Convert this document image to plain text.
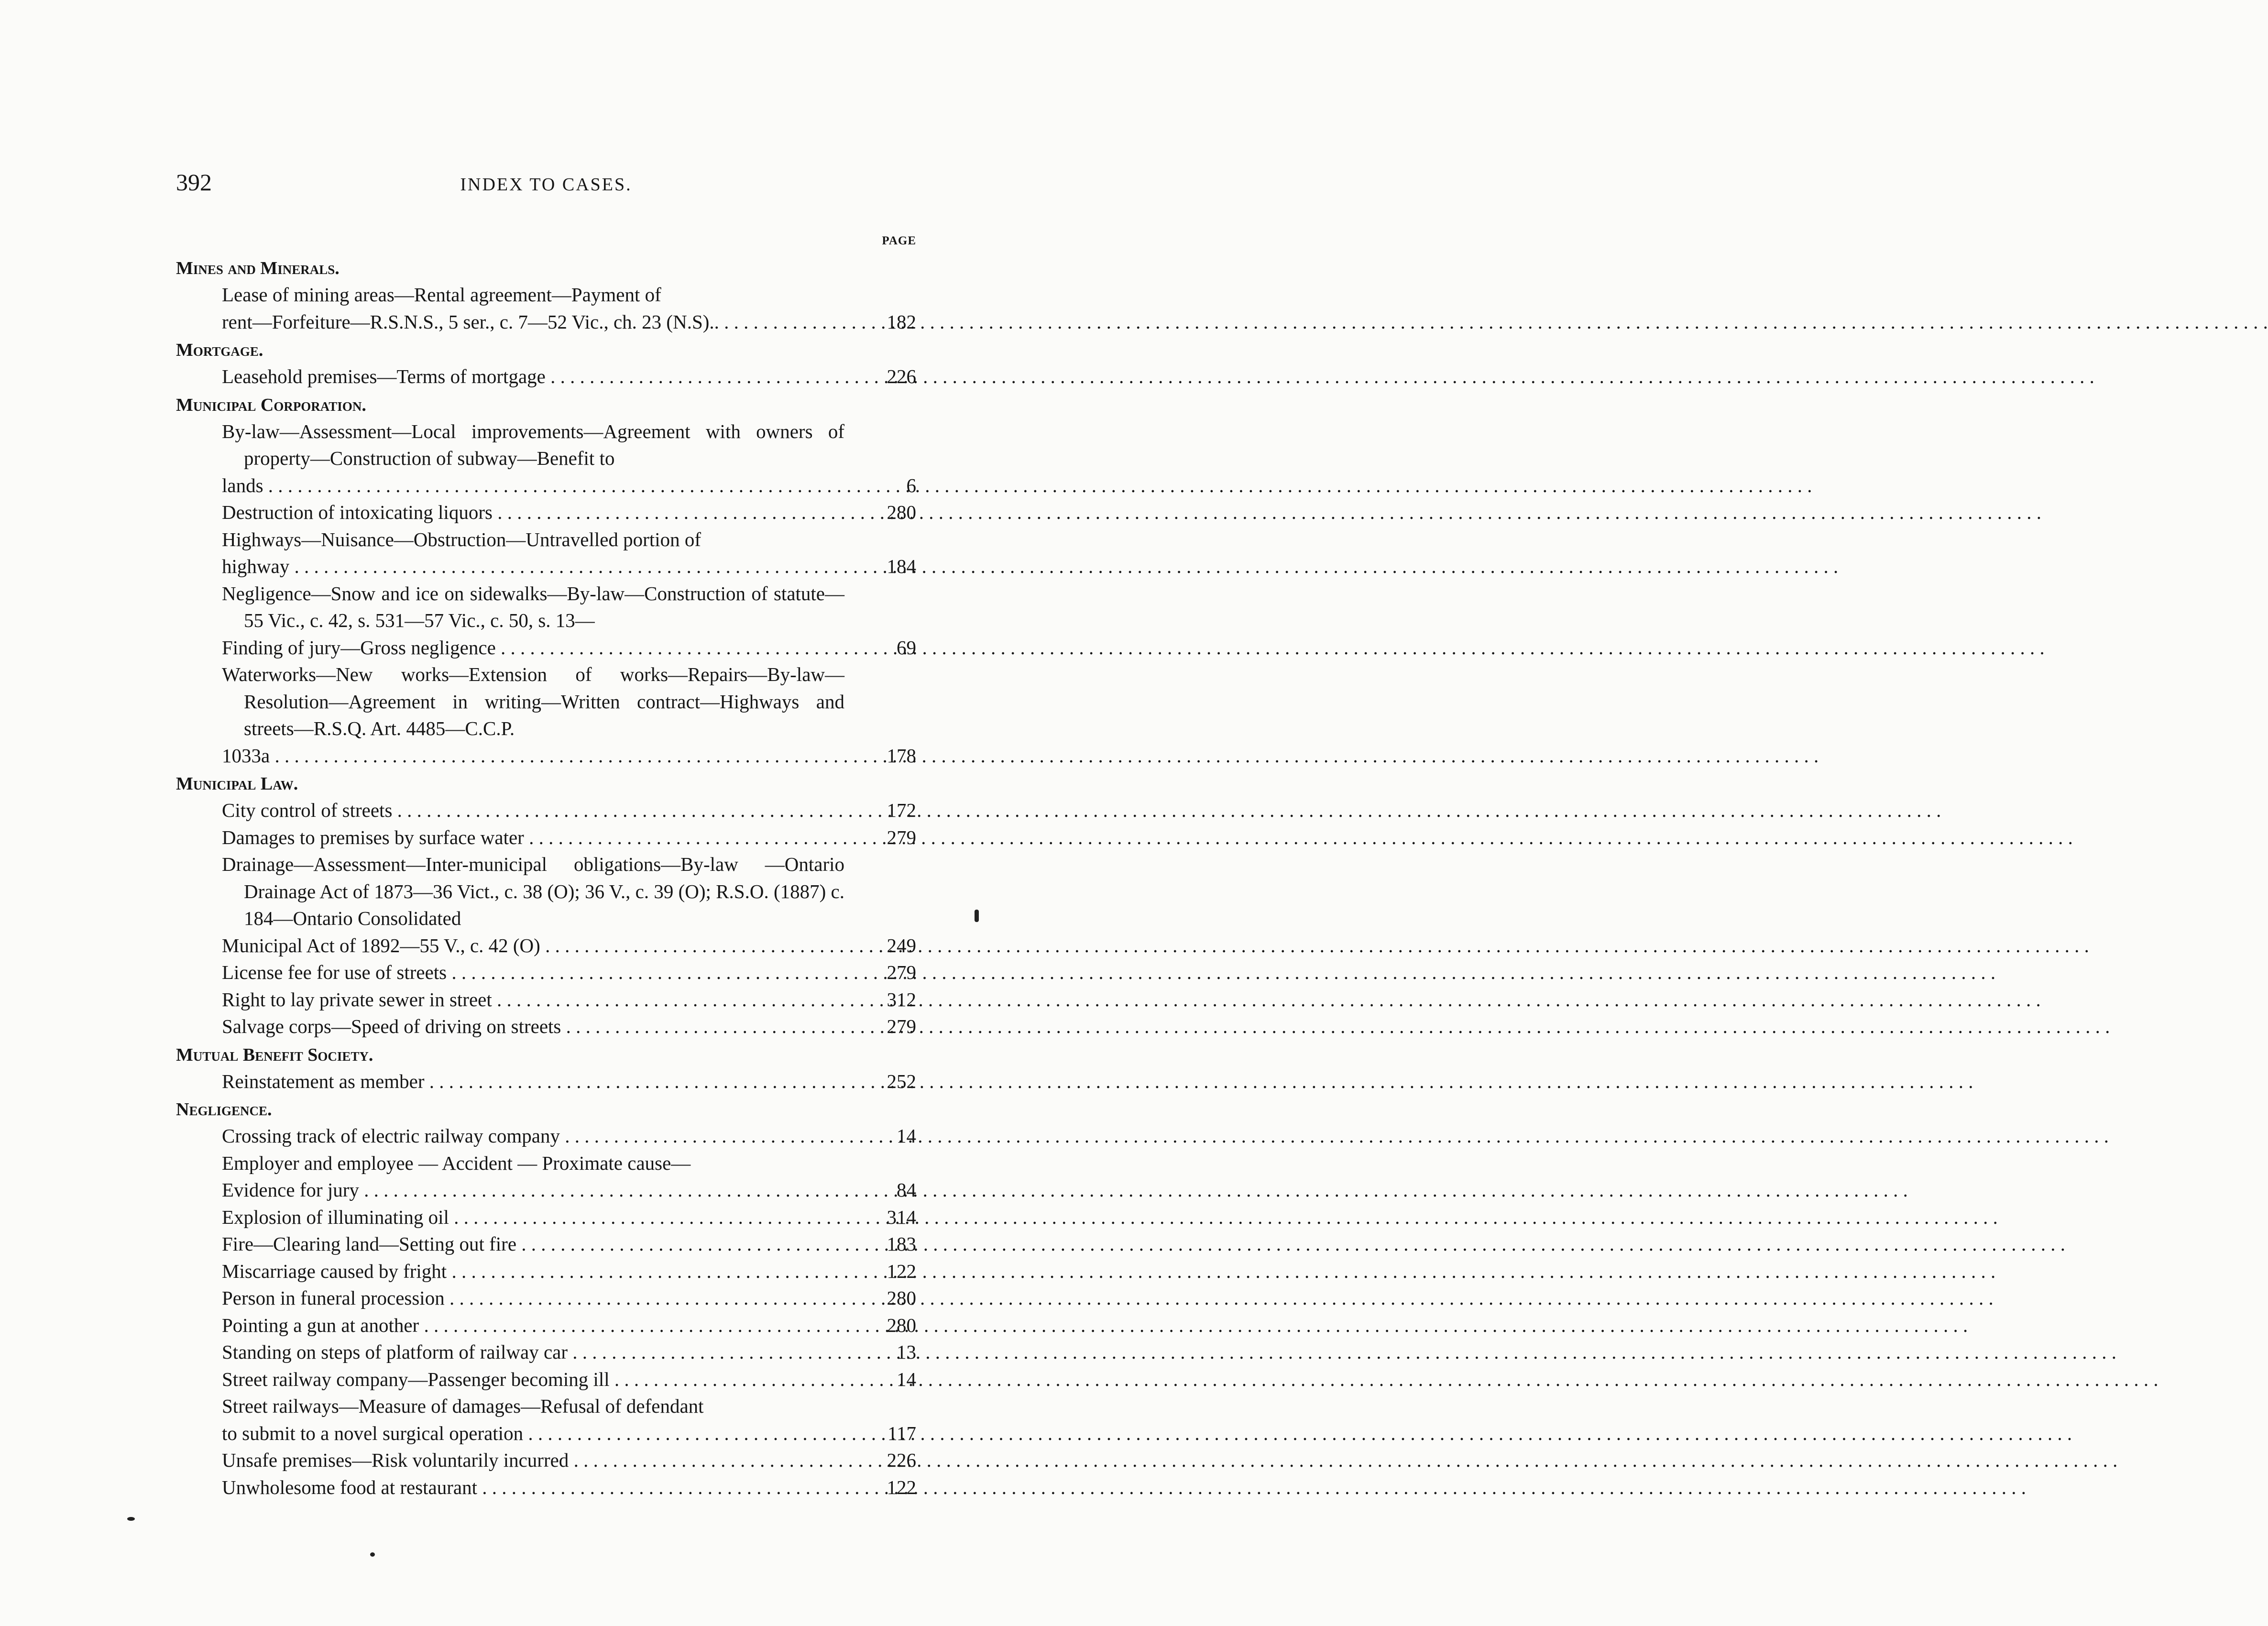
392	INDEX TO CASES.
PAGE
Mines and Minerals.
Lease of mining areas—Rental agreement—Payment of
rent—Forfeiture—R.S.N.S., 5 ser., c. 7—52 Vic., ch. 23 (N.S).. . . .	182
Mortgage.
Leasehold premises—Terms of mortgage . . .	226
Municipal Corporation.
By-law—Assessment—Local improvements—Agreement with owners of property—Construction of subway—Benefit to
lands . . .	6
Destruction of intoxicating liquors . . .	280
Highways—Nuisance—Obstruction—Untravelled portion of
highway . . .	184
Negligence—Snow and ice on sidewalks—By-law—Construction of statute—55 Vic., c. 42, s. 531—57 Vic., c. 50, s. 13—
Finding of jury—Gross negligence . . .	69
Waterworks—New works—Extension of works—Repairs—By-law—Resolution—Agreement in writing—Written contract—Highways and streets—R.S.Q. Art. 4485—C.C.P.
1033a . . .	178
Municipal Law.
City control of streets . . .	172
Damages to premises by surface water . . .	279
Drainage—Assessment—Inter-municipal obligations—By-law —Ontario Drainage Act of 1873—36 Vict., c. 38 (O); 36 V., c. 39 (O); R.S.O. (1887) c. 184—Ontario Consolidated
Municipal Act of 1892—55 V., c. 42 (O) . . .	249
License fee for use of streets . . .	279
Right to lay private sewer in street . . .	312
Salvage corps—Speed of driving on streets . . .	279
Mutual Benefit Society.
Reinstatement as member . . .	252
Negligence.
Crossing track of electric railway company . . .	14
Employer and employee — Accident — Proximate cause—
Evidence for jury . . .	84
Explosion of illuminating oil . . .	314
Fire—Clearing land—Setting out fire . . .	183
Miscarriage caused by fright . . .	122
Person in funeral procession . . .	280
Pointing a gun at another . . .	280
Standing on steps of platform of railway car . . .	13
Street railway company—Passenger becoming ill . . .	14
Street railways—Measure of damages—Refusal of defendant
to submit to a novel surgical operation . . .	117
Unsafe premises—Risk voluntarily incurred . . .	226
Unwholesome food at restaurant . . .	122
